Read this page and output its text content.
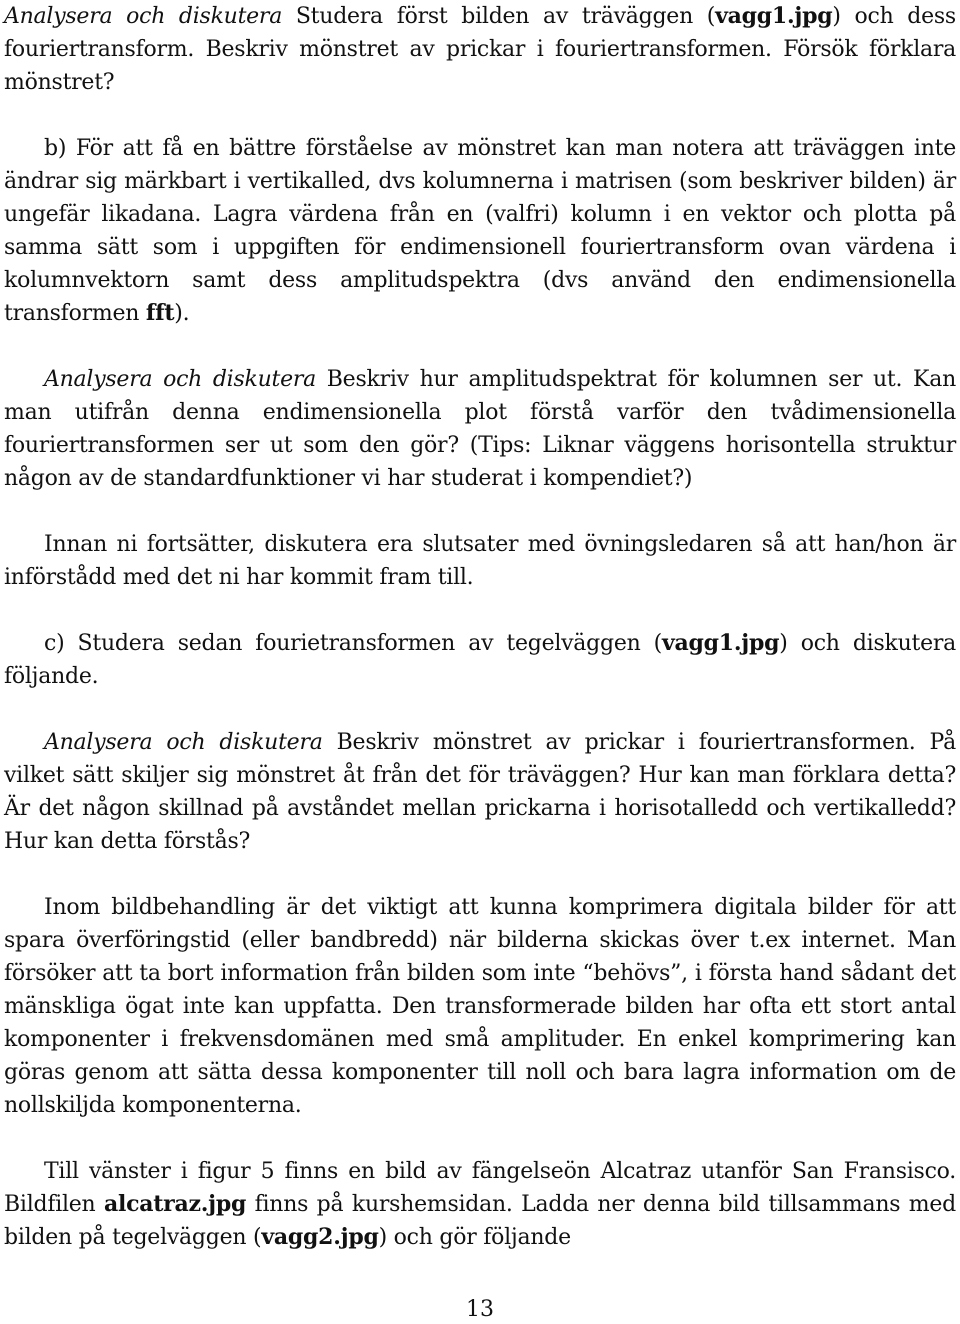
Analysera och diskutera Studera först bilden av träväggen (vagg1.jpg) och dess fouriertransform. Beskriv mönstret av prickar i fouriertransformen. Försök förklara mönstret?

b) För att få en bättre förståelse av mönstret kan man notera att träväggen inte ändrar sig märkbart i vertikalled, dvs kolumnerna i matrisen (som beskriver bilden) är ungefär likadana. Lagra värdena från en (valfri) kolumn i en vektor och plotta på samma sätt som i uppgiften för endimensionell fouriertransform ovan värdena i kolumnvektorn samt dess amplitudspektra (dvs använd den endimensionella transformen fft).

Analysera och diskutera Beskriv hur amplitudspektrat för kolumnen ser ut. Kan man utifrån denna endimensionella plot förstå varför den tvådimensionella fouriertransformen ser ut som den gör? (Tips: Liknar väggens horisontella struktur någon av de standardfunktioner vi har studerat i kompendiet?)

Innan ni fortsätter, diskutera era slutsater med övningsledaren så att han/hon är införstådd med det ni har kommit fram till.

c) Studera sedan fourietransformen av tegelväggen (vagg1.jpg) och diskutera följande.

Analysera och diskutera Beskriv mönstret av prickar i fouriertransformen. På vilket sätt skiljer sig mönstret åt från det för träväggen? Hur kan man förklara detta? Är det någon skillnad på avståndet mellan prickarna i horisotalledd och vertikalledd? Hur kan detta förstås?

Inom bildbehandling är det viktigt att kunna komprimera digitala bilder för att spara överföringstid (eller bandbredd) när bilderna skickas över t.ex internet. Man försöker att ta bort information från bilden som inte “behövs”, i första hand sådant det mänskliga ögat inte kan uppfatta. Den transformerade bilden har ofta ett stort antal komponenter i frekvensdomänen med små amplituder. En enkel komprimering kan göras genom att sätta dessa komponenter till noll och bara lagra information om de nollskiljda komponenterna.

Till vänster i figur 5 finns en bild av fängelseön Alcatraz utanför San Fransisco. Bildfilen alcatraz.jpg finns på kurshemsidan. Ladda ner denna bild tillsammans med bilden på tegelväggen (vagg2.jpg) och gör följande

13
